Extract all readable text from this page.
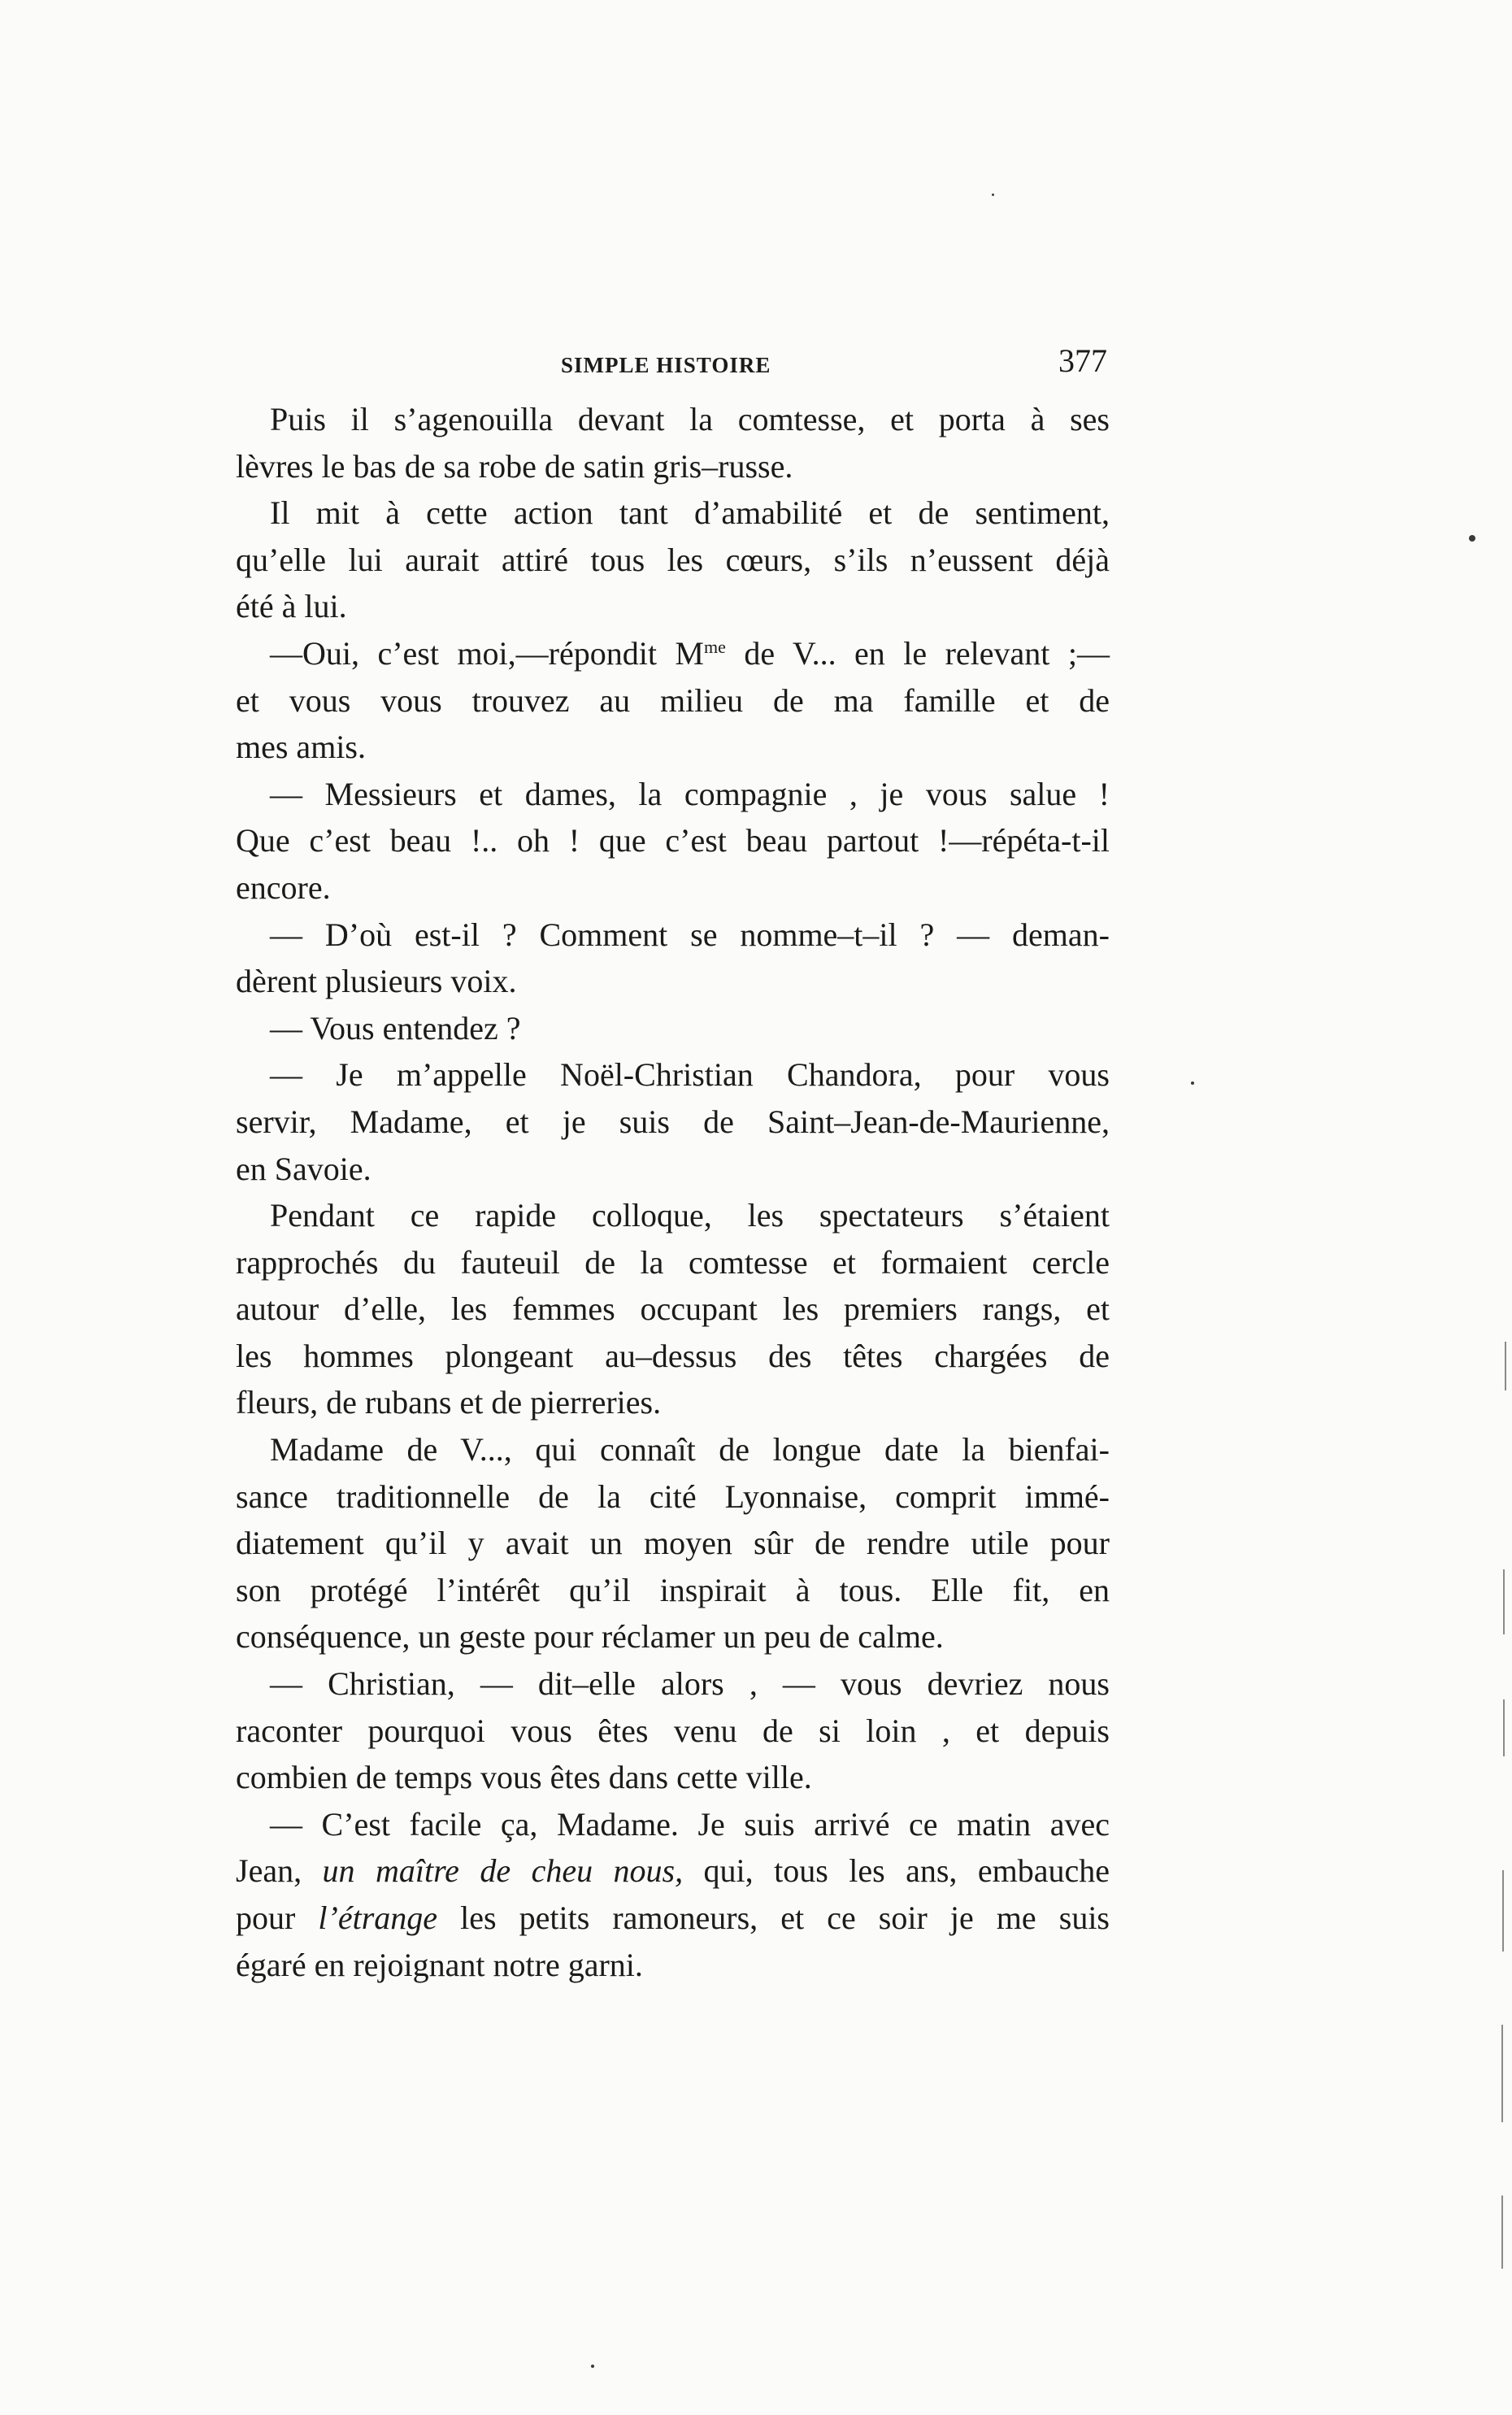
SIMPLE HISTOIRE	377
Puis il s’agenouilla devant la comtesse, et porta à ses
lèvres le bas de sa robe de satin gris–russe.
Il mit à cette action tant d’amabilité et de sentiment,
qu’elle lui aurait attiré tous les cœurs, s’ils n’eussent déjà
été à lui.
—Oui, c’est moi,—répondit $M^{me}$ de V... en le relevant ;—
et vous vous trouvez au milieu de ma famille et de
mes amis.
— Messieurs et dames, la compagnie , je vous salue !
Que c’est beau !.. oh ! que c’est beau partout !—répéta-t-il
encore.
— D’où est-il ? Comment se nomme–t–il ? — deman-
dèrent plusieurs voix.
— Vous entendez ?
— Je m’appelle Noël-Christian Chandora, pour vous
servir, Madame, et je suis de Saint–Jean-de-Maurienne,
en Savoie.
Pendant ce rapide colloque, les spectateurs s’étaient
rapprochés du fauteuil de la comtesse et formaient cercle
autour d’elle, les femmes occupant les premiers rangs, et
les hommes plongeant au–dessus des têtes chargées de
fleurs, de rubans et de pierreries.
Madame de V..., qui connaît de longue date la bienfai-
sance traditionnelle de la cité Lyonnaise, comprit immé-
diatement qu’il y avait un moyen sûr de rendre utile pour
son protégé l’intérêt qu’il inspirait à tous. Elle fit, en
conséquence, un geste pour réclamer un peu de calme.
— Christian, — dit–elle alors , — vous devriez nous
raconter pourquoi vous êtes venu de si loin , et depuis
combien de temps vous êtes dans cette ville.
— C’est facile ça, Madame. Je suis arrivé ce matin avec
Jean, un maître de cheu nous, qui, tous les ans, embauche
pour l’étrange les petits ramoneurs, et ce soir je me suis
égaré en rejoignant notre garni.
